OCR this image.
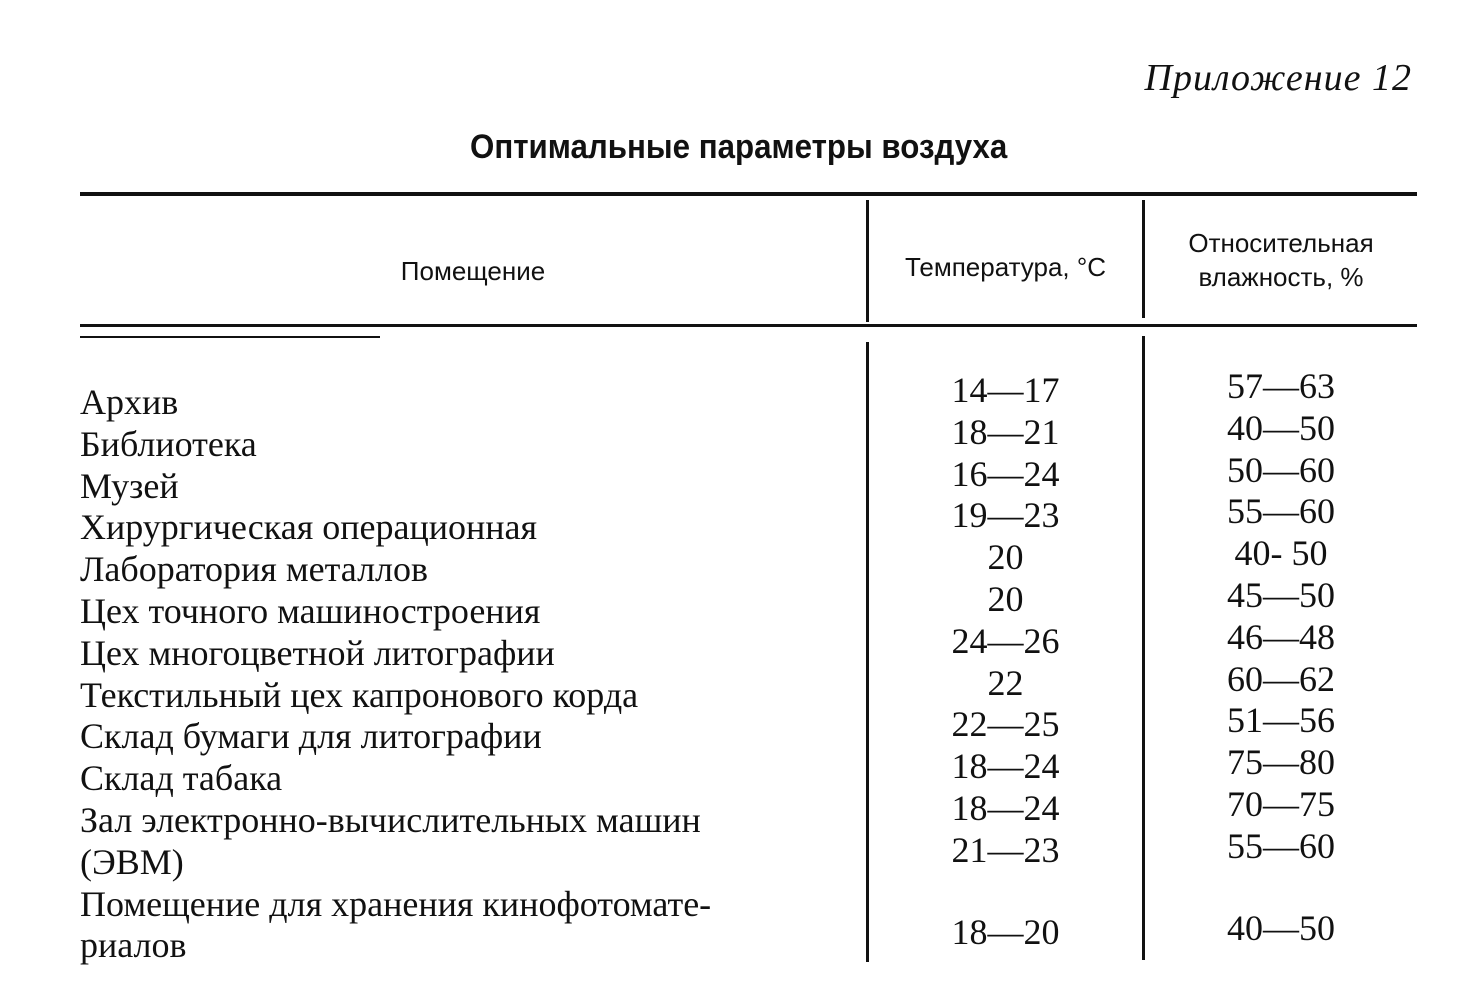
Приложение 12
Оптимальные параметры воздуха
Помещение	Температура, °С
Относительная
влажность, %
Архив
Библиотека
Музей
Хирургическая операционная
Лаборатория металлов
Цех точного машиностроения
Цех многоцветной литографии
Текстильный цех капронового корда
Склад бумаги для литографии
Склад табака
Зал электронно-вычислительных машин
(ЭВМ)
Помещение для хранения кинофотомате-
риалов
14—17
18—21
16—24
19—23
20
20
24—26
22
22—25
18—24
18—24
21—23
18—20
57—63
40—50
50—60
55—60
40- 50
45—50
46—48
60—62
51—56
75—80
70—75
55—60
40—50
